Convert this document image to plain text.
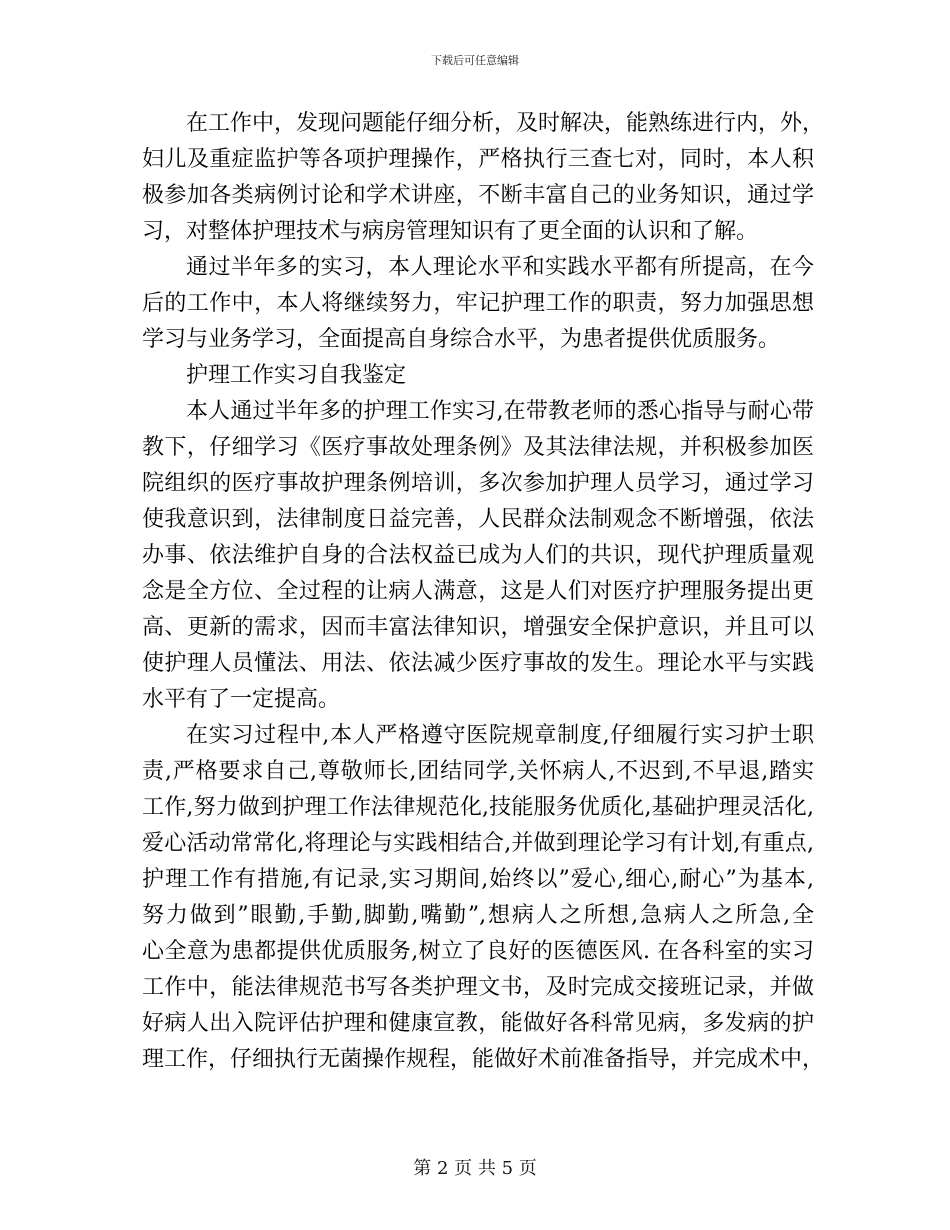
下载后可任意编辑
在工作中，发现问题能仔细分析，及时解决，能熟练进行内，外，
妇儿及重症监护等各项护理操作，严格执行三查七对，同时，本人积
极参加各类病例讨论和学术讲座，不断丰富自己的业务知识，通过学
习，对整体护理技术与病房管理知识有了更全面的认识和了解。
通过半年多的实习，本人理论水平和实践水平都有所提高，在今
后的工作中，本人将继续努力，牢记护理工作的职责，努力加强思想
学习与业务学习，全面提高自身综合水平，为患者提供优质服务。
护理工作实习自我鉴定
本人通过半年多的护理工作实习,在带教老师的悉心指导与耐心带
教下，仔细学习《医疗事故处理条例》及其法律法规，并积极参加医
院组织的医疗事故护理条例培训，多次参加护理人员学习，通过学习
使我意识到，法律制度日益完善，人民群众法制观念不断增强，依法
办事、依法维护自身的合法权益已成为人们的共识，现代护理质量观
念是全方位、全过程的让病人满意，这是人们对医疗护理服务提出更
高、更新的需求，因而丰富法律知识，增强安全保护意识，并且可以
使护理人员懂法、用法、依法减少医疗事故的发生。理论水平与实践
水平有了一定提高。
在实习过程中,本人严格遵守医院规章制度,仔细履行实习护士职
责,严格要求自己,尊敬师长,团结同学,关怀病人,不迟到,不早退,踏实
工作,努力做到护理工作法律规范化,技能服务优质化,基础护理灵活化,
爱心活动常常化,将理论与实践相结合,并做到理论学习有计划,有重点,
护理工作有措施,有记录,实习期间,始终以”爱心,细心,耐心”为基本,
努力做到”眼勤,手勤,脚勤,嘴勤”,想病人之所想,急病人之所急,全
心全意为患都提供优质服务,树立了良好的医德医风. 在各科室的实习
工作中，能法律规范书写各类护理文书，及时完成交接班记录，并做
好病人出入院评估护理和健康宣教，能做好各科常见病，多发病的护
理工作，仔细执行无菌操作规程，能做好术前准备指导，并完成术中，
第 2 页 共 5 页
